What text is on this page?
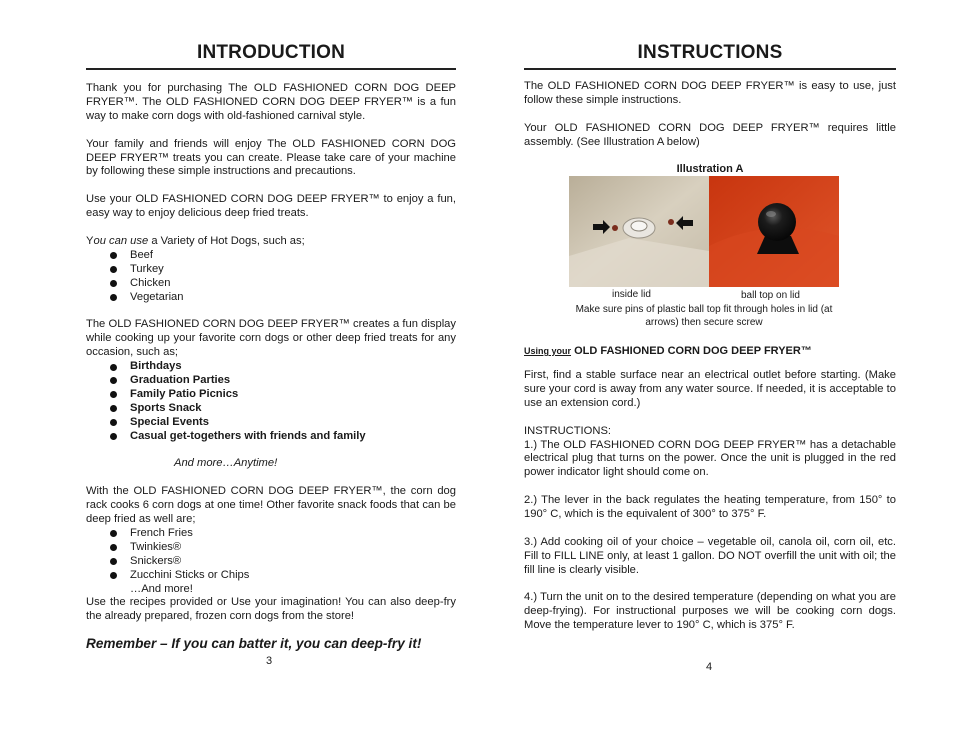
INTRODUCTION

Thank you for purchasing The OLD FASHIONED CORN DOG DEEP FRYER™. The OLD FASHIONED CORN DOG DEEP FRYER™ is a fun way to make corn dogs with old-fashioned carnival style.

Your family and friends will enjoy The OLD FASHIONED CORN DOG DEEP FRYER™ treats you can create. Please take care of your machine by following these simple instructions and precautions.

Use your OLD FASHIONED CORN DOG DEEP FRYER™ to enjoy a fun, easy way to enjoy delicious deep fried treats.

You can use a Variety of Hot Dogs, such as;

Beef
Turkey
Chicken
Vegetarian

The OLD FASHIONED CORN DOG DEEP FRYER™ creates a fun display while cooking up your favorite corn dogs or other deep fried treats for any occasion, such as;

Birthdays
Graduation Parties
Family Patio Picnics
Sports Snack
Special Events
Casual get-togethers with friends and family

And more…Anytime!

With the OLD FASHIONED CORN DOG DEEP FRYER™, the corn dog rack cooks 6 corn dogs at one time! Other favorite snack foods that can be deep fried as well are;

French Fries
Twinkies®
Snickers®
Zucchini Sticks or Chips

…And more!

Use the recipes provided or Use your imagination! You can also deep-fry the already prepared, frozen corn dogs from the store!

Remember – If you can batter it, you can deep-fry it!
3
INSTRUCTIONS

The OLD FASHIONED CORN DOG DEEP FRYER™ is easy to use, just follow these simple instructions.

Your OLD FASHIONED CORN DOG DEEP FRYER™ requires little assembly. (See Illustration A below)

Illustration A
inside lid	ball top on lid
Make sure pins of plastic ball top fit through holes in lid (at arrows) then secure screw
Using your OLD FASHIONED CORN DOG DEEP FRYER™

First, find a stable surface near an electrical outlet before starting. (Make sure your cord is away from any water source. If needed, it is acceptable to use an extension cord.)

INSTRUCTIONS:

1.) The OLD FASHIONED CORN DOG DEEP FRYER™ has a detachable electrical plug that turns on the power. Once the unit is plugged in the red power indicator light should come on.

2.) The lever in the back regulates the heating temperature, from 150° to 190° C, which is the equivalent of 300° to 375° F.

3.) Add cooking oil of your choice – vegetable oil, canola oil, corn oil, etc. Fill to FILL LINE only, at least 1 gallon. DO NOT overfill the unit with oil; the fill line is clearly visible.

4.) Turn the unit on to the desired temperature (depending on what you are deep-frying). For instructional purposes we will be cooking corn dogs. Move the temperature lever to 190° C, which is 375° F.

4
